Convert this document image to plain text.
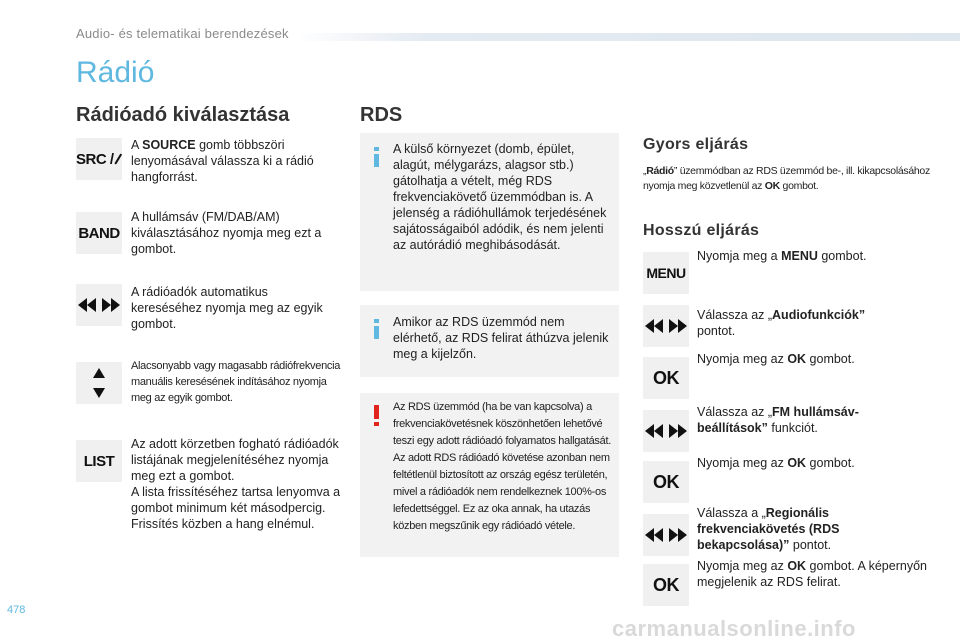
Audio- és telematikai berendezések
Rádió
Rádióadó kiválasztása
SRC /
A SOURCE gomb többszöri lenyomásával válassza ki a rádió hangforrást.
BAND
A hullámsáv (FM/DAB/AM) kiválasztásához nyomja meg ezt a gombot.
A rádióadók automatikus kereséséhez nyomja meg az egyik gombot.
Alacsonyabb vagy magasabb rádiófrekvencia manuális keresésének indításához nyomja meg az egyik gombot.
LIST
Az adott körzetben fogható rádióadók listájának megjelenítéséhez nyomja meg ezt a gombot.
A lista frissítéséhez tartsa lenyomva a gombot minimum két másodpercig.
Frissítés közben a hang elnémul.
RDS
A külső környezet (domb, épület, alagút, mélygarázs, alagsor stb.) gátolhatja a vételt, még RDS frekvenciakövető üzemmódban is. A jelenség a rádióhullámok terjedésének sajátosságaiból adódik, és nem jelenti az autórádió meghibásodását.
Amikor az RDS üzemmód nem elérhető, az RDS felirat áthúzva jelenik meg a kijelzőn.
Az RDS üzemmód (ha be van kapcsolva) a frekvenciakövetésnek köszönhetően lehetővé teszi egy adott rádióadó folyamatos hallgatását. Az adott RDS rádióadó követése azonban nem feltétlenül biztosított az ország egész területén, mivel a rádióadók nem rendelkeznek 100%-os lefedettséggel. Ez az oka annak, ha utazás közben megszűnik egy rádióadó vétele.
Gyors eljárás
„Rádió” üzemmódban az RDS üzemmód be-, ill. kikapcsolásához nyomja meg közvetlenül az OK gombot.
Hosszú eljárás
MENU
Nyomja meg a MENU gombot.
Válassza az „Audiofunkciók” pontot.
OK
Nyomja meg az OK gombot.
Válassza az „FM hullámsáv-beállítások” funkciót.
OK
Nyomja meg az OK gombot.
Válassza a „Regionális frekvenciakövetés (RDS bekapcsolása)” pontot.
OK
Nyomja meg az OK gombot. A képernyőn megjelenik az RDS felirat.
478
carmanualsonline.info
